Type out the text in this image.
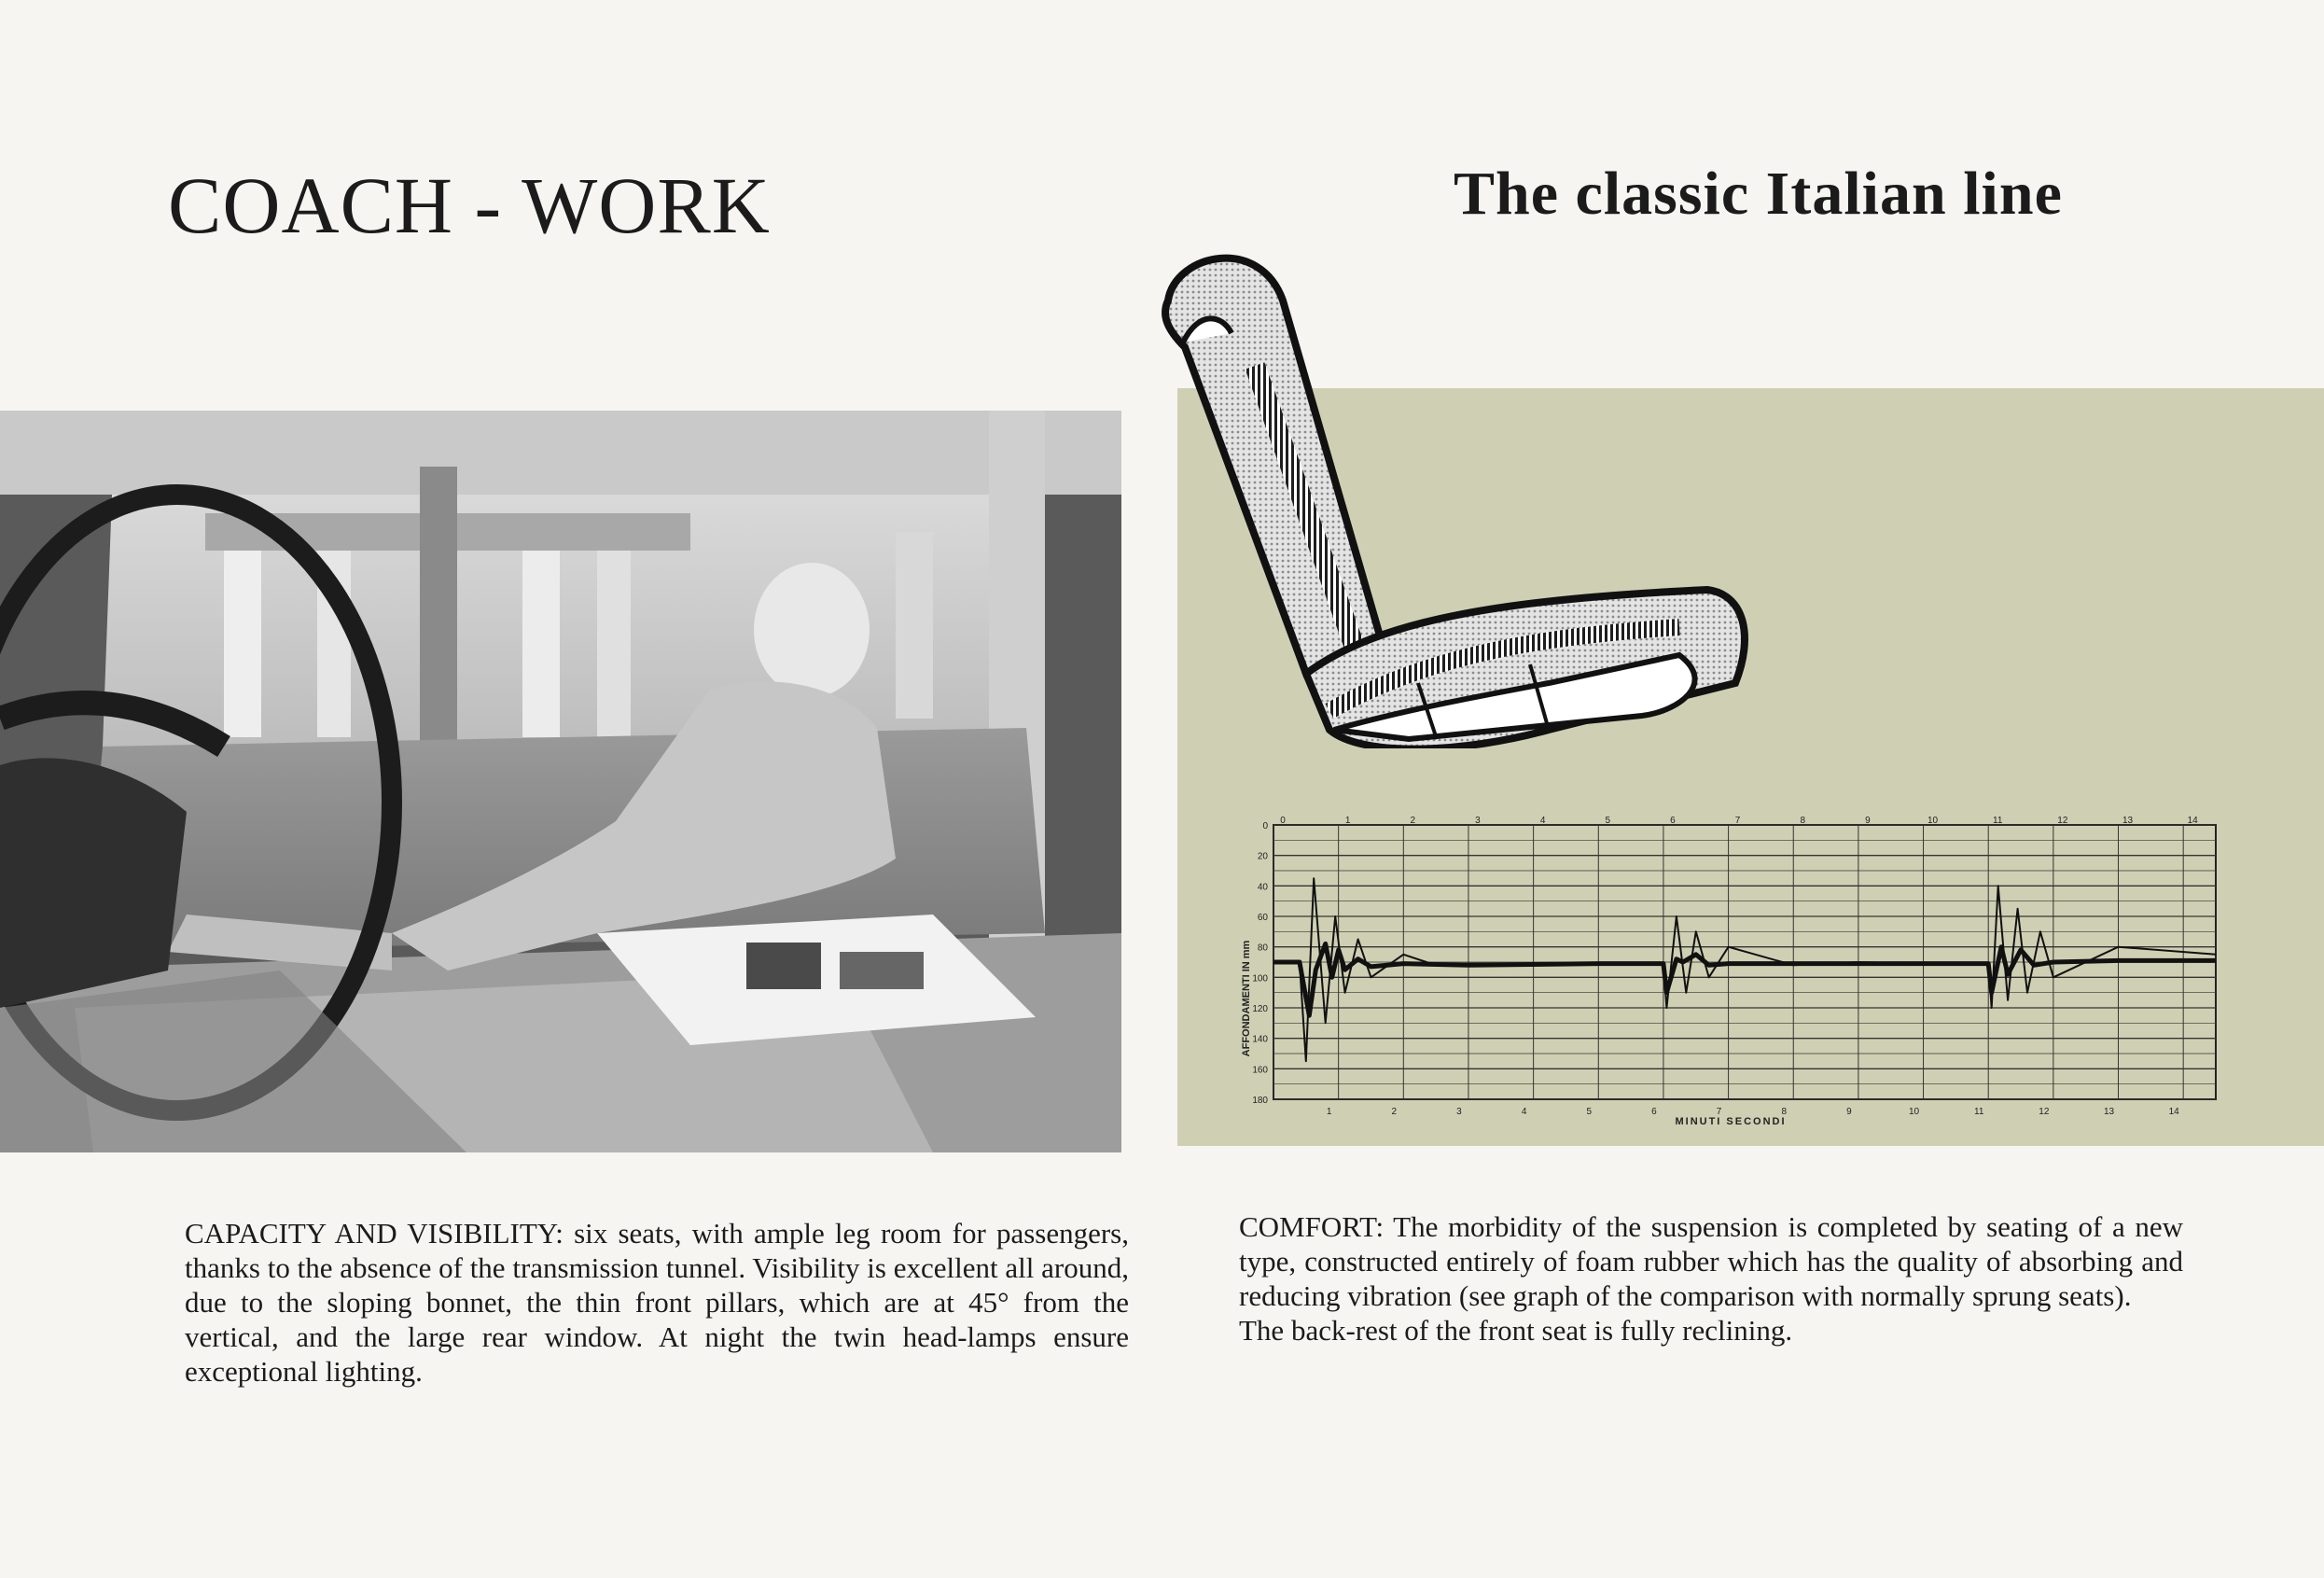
COACH - WORK	The classic Italian line
0
20
40
60
80
100
120
140
160
180
0	1	2	3	4	5	6	7	8	9	10	11	12	13	14
1	2	3	4	5	6	7	8	9	10	11	12	13	14
AFFONDAMENTI IN mm
MINUTI SECONDI

CAPACITY AND VISIBILITY: six seats, with ample leg room for passengers, thanks to the absence of the transmission tunnel. Visibility is excellent all around, due to the sloping bonnet, the thin front pillars, which are at 45° from the vertical, and the large rear window. At night the twin head-lamps ensure exceptional lighting.

COMFORT: The morbidity of the suspension is completed by seating of a new type, constructed entirely of foam rubber which has the quality of absorbing and reducing vibration (see graph of the comparison with normally sprung seats).

The back-rest of the front seat is fully reclining.
